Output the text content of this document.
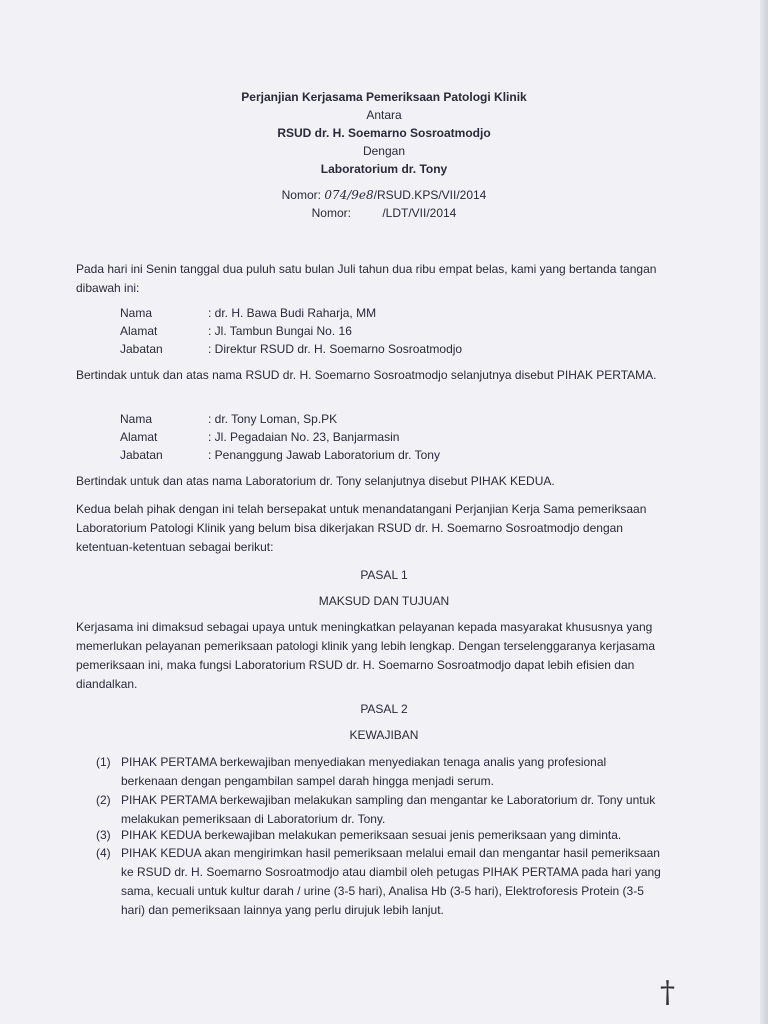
Perjanjian Kerjasama Pemeriksaan Patologi Klinik
Antara
RSUD dr. H. Soemarno Sosroatmodjo
Dengan
Laboratorium dr. Tony
Nomor: 074/9e8/RSUD.KPS/VII/2014
Nomor:	/LDT/VII/2014
Pada hari ini Senin tanggal dua puluh satu bulan Juli tahun dua ribu empat belas, kami yang bertanda tangan dibawah ini:
Nama	: dr. H. Bawa Budi Raharja, MM
Alamat	: Jl. Tambun Bungai No. 16
Jabatan	: Direktur RSUD dr. H. Soemarno Sosroatmodjo
Bertindak untuk dan atas nama RSUD dr. H. Soemarno Sosroatmodjo selanjutnya disebut PIHAK PERTAMA.
Nama	: dr. Tony Loman, Sp.PK
Alamat	: Jl. Pegadaian No. 23, Banjarmasin
Jabatan	: Penanggung Jawab Laboratorium dr. Tony
Bertindak untuk dan atas nama Laboratorium dr. Tony selanjutnya disebut PIHAK KEDUA.
Kedua belah pihak dengan ini telah bersepakat untuk menandatangani Perjanjian Kerja Sama pemeriksaan Laboratorium Patologi Klinik yang belum bisa dikerjakan RSUD dr. H. Soemarno Sosroatmodjo dengan ketentuan-ketentuan sebagai berikut:
PASAL 1
MAKSUD DAN TUJUAN
Kerjasama ini dimaksud sebagai upaya untuk meningkatkan pelayanan kepada masyarakat khususnya yang memerlukan pelayanan pemeriksaan patologi klinik yang lebih lengkap. Dengan terselenggaranya kerjasama pemeriksaan ini, maka fungsi Laboratorium RSUD dr. H. Soemarno Sosroatmodjo dapat lebih efisien dan diandalkan.
PASAL 2
KEWAJIBAN
(1) PIHAK PERTAMA berkewajiban menyediakan menyediakan tenaga analis yang profesional berkenaan dengan pengambilan sampel darah hingga menjadi serum.
(2) PIHAK PERTAMA berkewajiban melakukan sampling dan mengantar ke Laboratorium dr. Tony untuk melakukan pemeriksaan di Laboratorium dr. Tony.
(3) PIHAK KEDUA berkewajiban melakukan pemeriksaan sesuai jenis pemeriksaan yang diminta.
(4) PIHAK KEDUA akan mengirimkan hasil pemeriksaan melalui email dan mengantar hasil pemeriksaan ke RSUD dr. H. Soemarno Sosroatmodjo atau diambil oleh petugas PIHAK PERTAMA pada hari yang sama, kecuali untuk kultur darah / urine (3-5 hari), Analisa Hb (3-5 hari), Elektroforesis Protein (3-5 hari) dan pemeriksaan lainnya yang perlu dirujuk lebih lanjut.
†
